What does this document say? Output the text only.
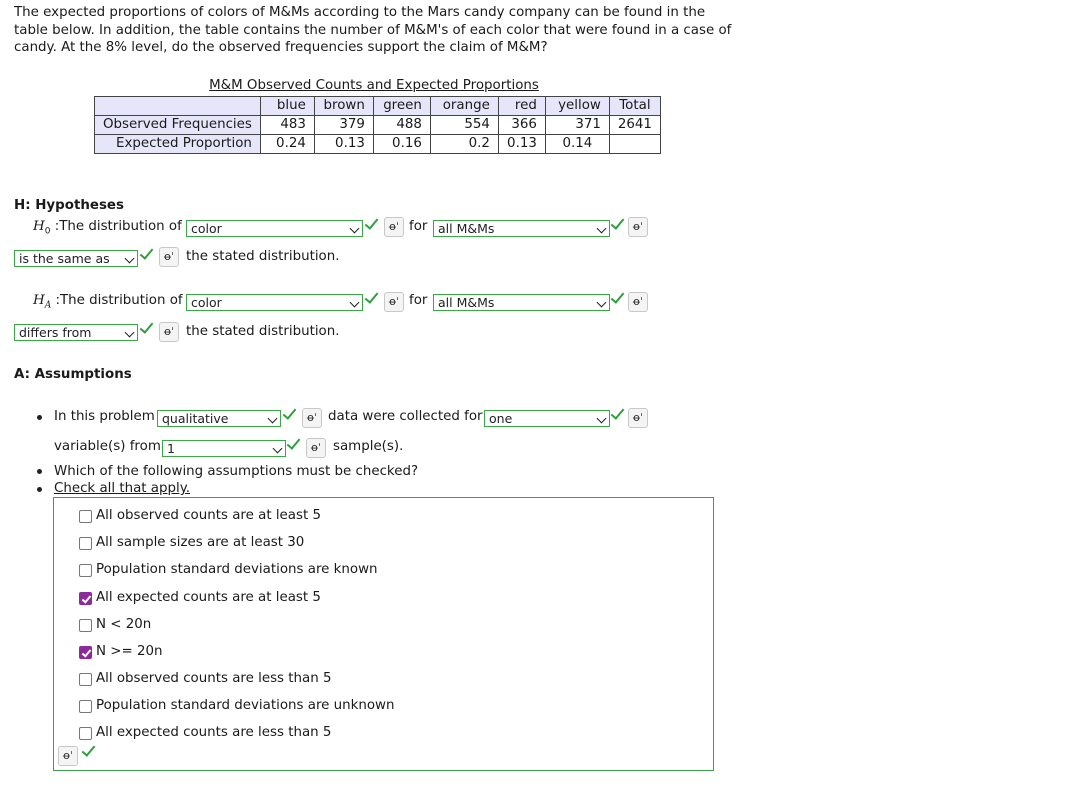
The expected proportions of colors of M&Ms according to the Mars candy company can be found in the table below. In addition, the table contains the number of M&M's of each color that were found in a case of candy. At the 8% level, do the observed frequencies support the claim of M&M?
M&M Observed Counts and Expected Proportions
	blue	brown	green	orange	red	yellow	Total
Observed Frequencies	483	379	488	554	366	371	2641
Expected Proportion	0.24	0.13	0.16	0.2	0.13	0.14	
H: Hypotheses
$H_0$ :The distribution of color	o̶ˈ for all M&Ms	o̶ˈ
is the same as	o̶ˈ the stated distribution.
$H_A$ :The distribution of color	o̶ˈ for all M&Ms	o̶ˈ
differs from	o̶ˈ the stated distribution.
A: Assumptions
In this problem qualitative	o̶ˈ data were collected for one	o̶ˈ
variable(s) from 1	o̶ˈ sample(s).
Which of the following assumptions must be checked?
Check all that apply.
All observed counts are at least 5
All sample sizes are at least 30
Population standard deviations are known
All expected counts are at least 5
N < 20n
N >= 20n
All observed counts are less than 5
Population standard deviations are unknown
All expected counts are less than 5
o̶ˈ
